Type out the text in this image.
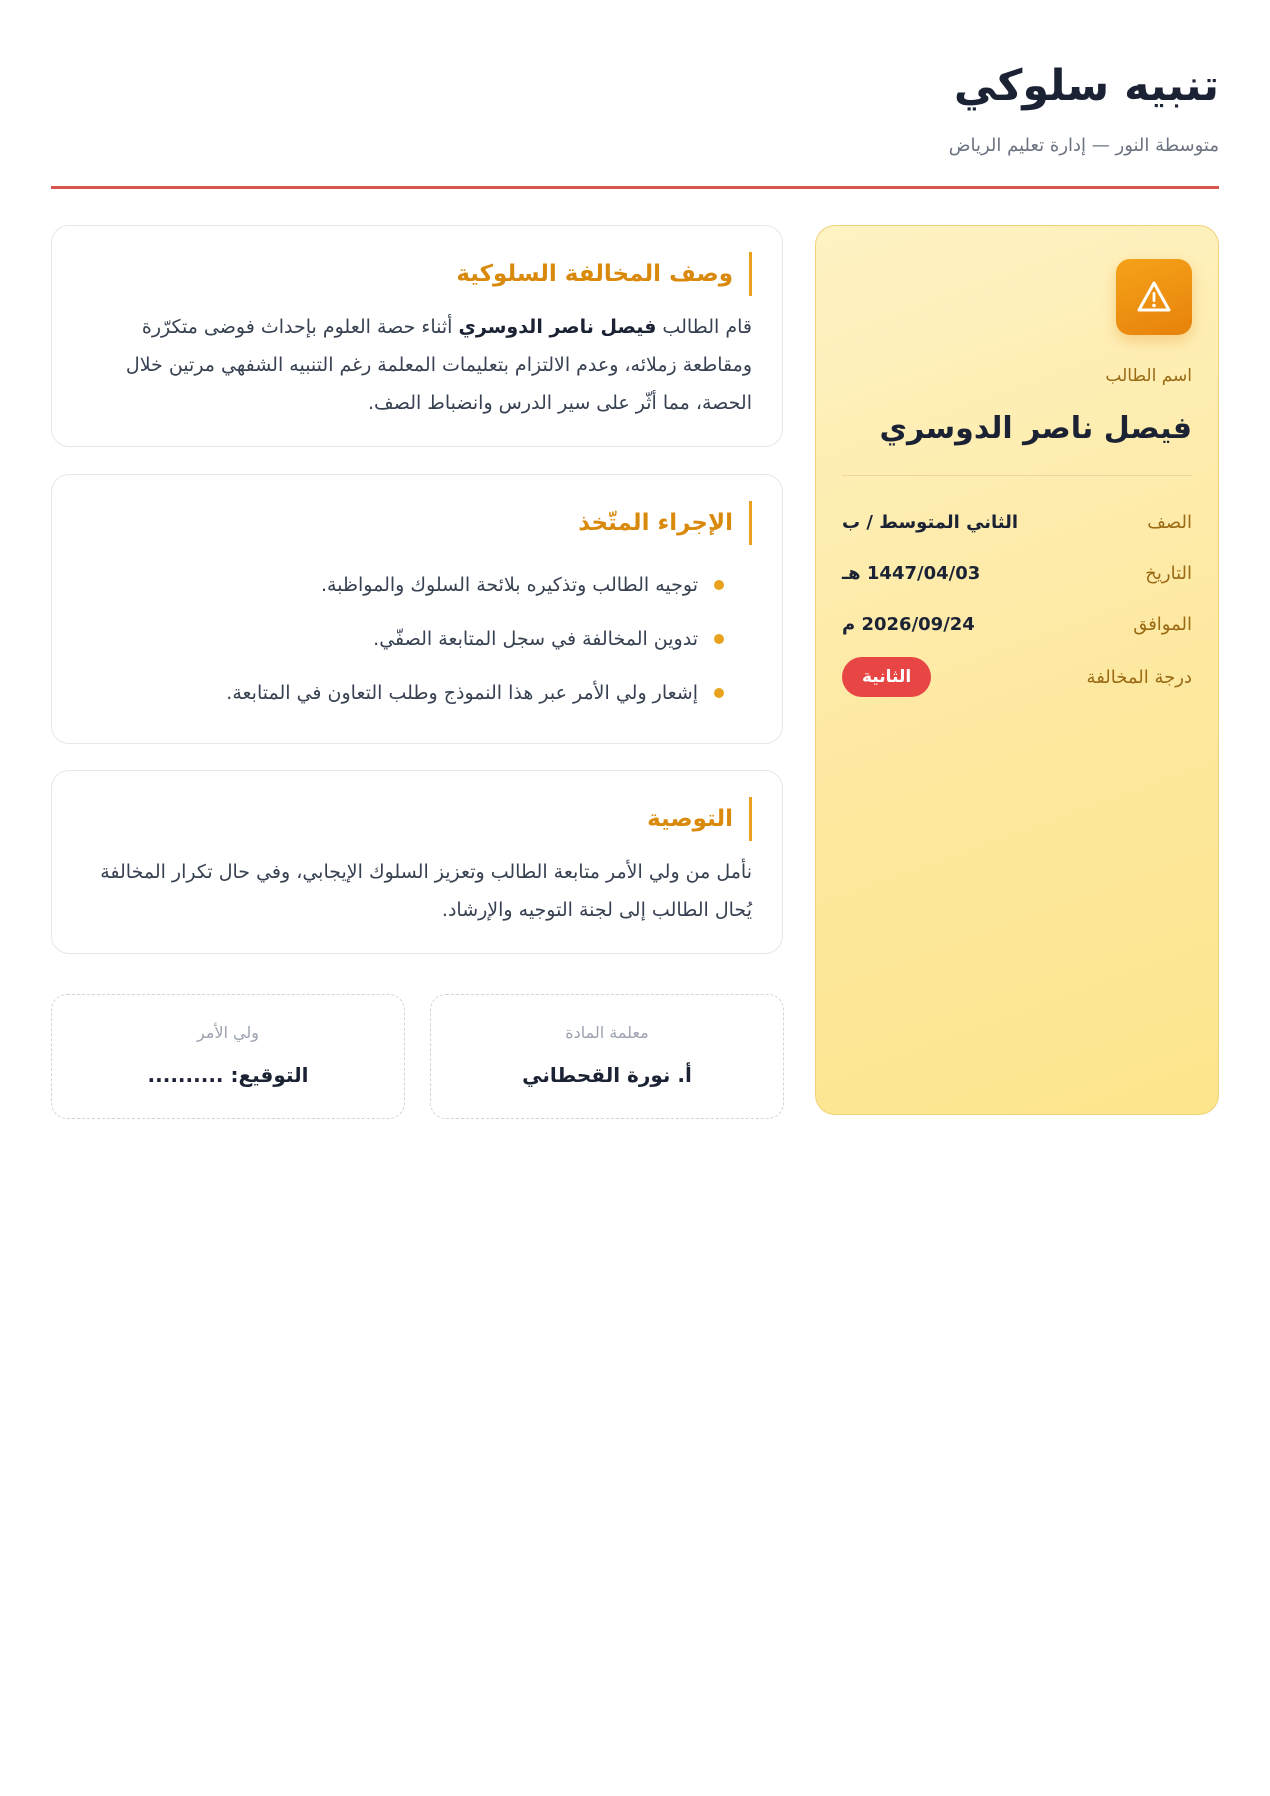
تنبيه سلوكي
متوسطة النور — إدارة تعليم الرياض
اسم الطالب
فيصل ناصر الدوسري
الصف
الثاني المتوسط / ب
التاريخ
1447/04/03 هـ
الموافق
2026/09/24 م
درجة المخالفة
الثانية
وصف المخالفة السلوكية
قام الطالب فيصل ناصر الدوسري أثناء حصة العلوم بإحداث فوضى متكرّرة ومقاطعة زملائه، وعدم الالتزام بتعليمات المعلمة رغم التنبيه الشفهي مرتين خلال الحصة، مما أثّر على سير الدرس وانضباط الصف.
الإجراء المتّخذ
توجيه الطالب وتذكيره بلائحة السلوك والمواظبة.
تدوين المخالفة في سجل المتابعة الصفّي.
إشعار ولي الأمر عبر هذا النموذج وطلب التعاون في المتابعة.
التوصية
نأمل من ولي الأمر متابعة الطالب وتعزيز السلوك الإيجابي، وفي حال تكرار المخالفة يُحال الطالب إلى لجنة التوجيه والإرشاد.
معلمة المادة
أ. نورة القحطاني
ولي الأمر
التوقيع: ..........
